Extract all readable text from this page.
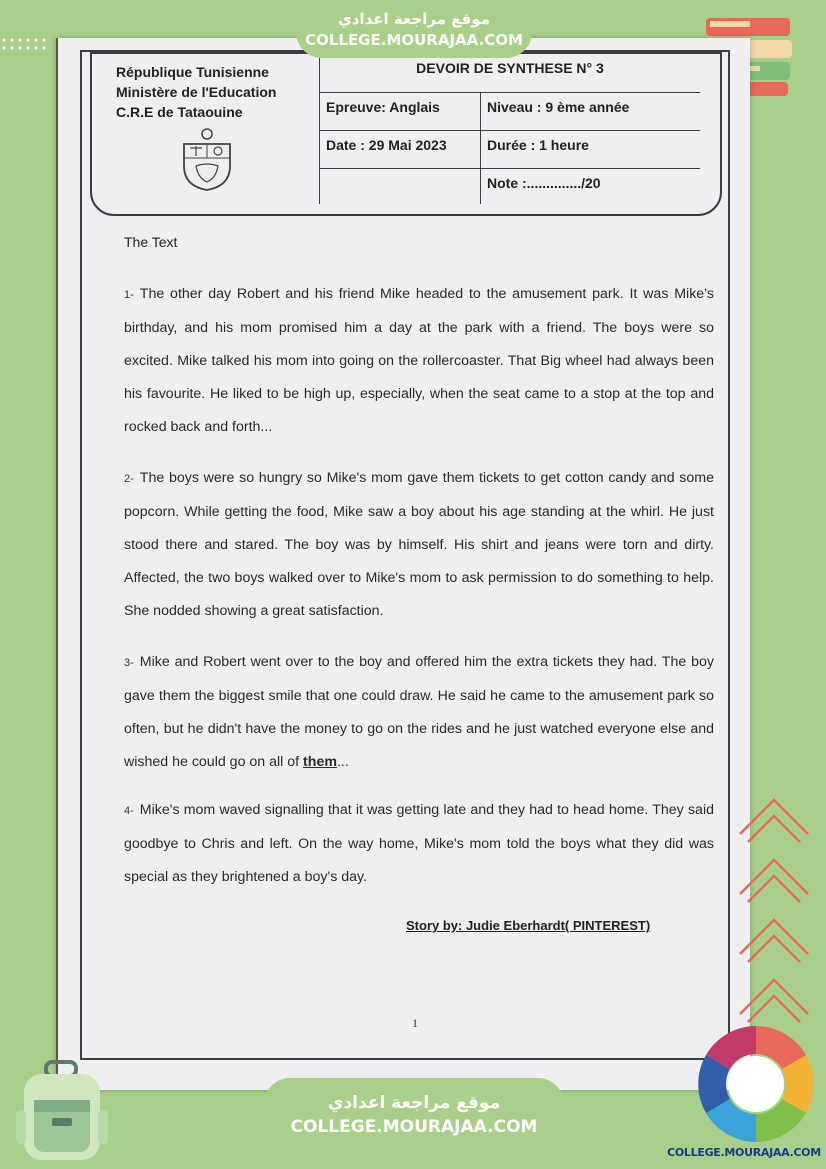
République Tunisienne
Ministère de l'Education
C.R.E de Tataouine
DEVOIR DE SYNTHESE N° 3
Epreuve: Anglais	Niveau : 9 ème année
Date : 29 Mai 2023	Durée : 1 heure
Note :............../20
The Text
1- The other day Robert and his friend Mike headed to the amusement park. It was Mike's birthday, and his mom promised him a day at the park with a friend. The boys were so excited. Mike talked his mom into going on the rollercoaster. That Big wheel had always been his favourite. He liked to be high up, especially, when the seat came to a stop at the top and rocked back and forth...
2- The boys were so hungry so Mike's mom gave them tickets to get cotton candy and some popcorn. While getting the food, Mike saw a boy about his age standing at the whirl. He just stood there and stared. The boy was by himself. His shirt and jeans were torn and dirty. Affected, the two boys walked over to Mike's mom to ask permission to do something to help. She nodded showing a great satisfaction.
3- Mike and Robert went over to the boy and offered him the extra tickets they had. The boy gave them the biggest smile that one could draw. He said he came to the amusement park so often, but he didn't have the money to go on the rides and he just watched everyone else and wished he could go on all of them...
4- Mike's mom waved signalling that it was getting late and they had to head home. They said goodbye to Chris and left. On the way home, Mike's mom told the boys what they did was special as they brightened a boy's day.
Story by: Judie Eberhardt( PINTEREST)
1
موقع مراجعة اعدادي
COLLEGE.MOURAJAA.COM
موقع مراجعة اعدادي
COLLEGE.MOURAJAA.COM
COLLEGE.MOURAJAA.COM
